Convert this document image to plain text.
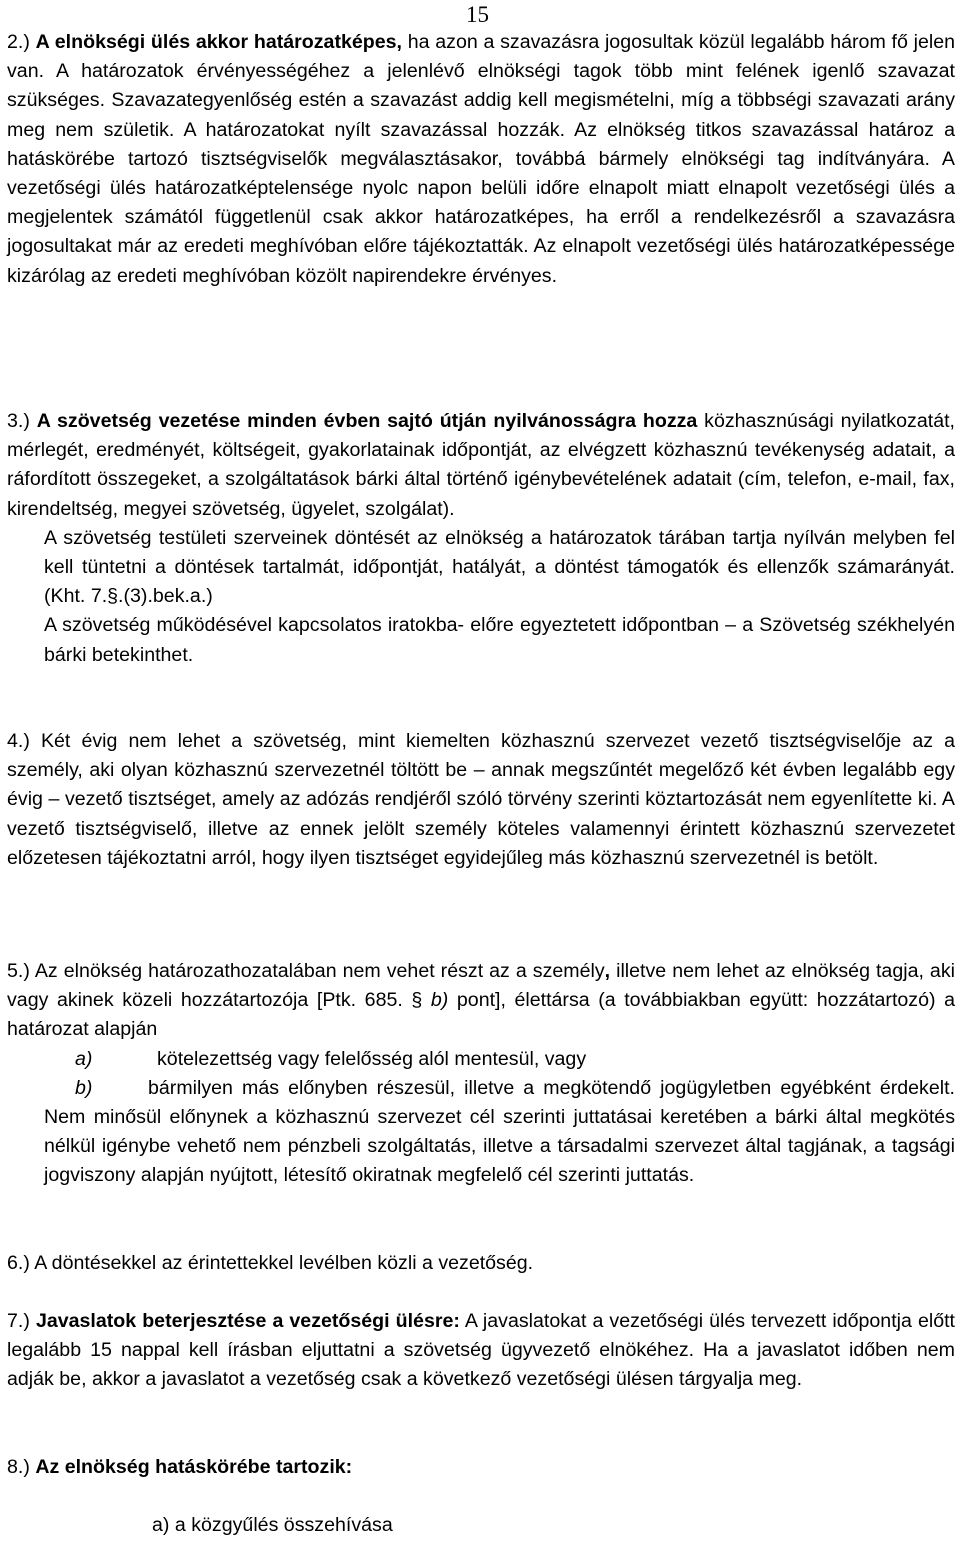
15

2.) A elnökségi ülés akkor határozatképes, ha azon a szavazásra jogosultak közül legalább három fő jelen van. A határozatok érvényességéhez a jelenlévő elnökségi tagok több mint felének igenlő szavazat szükséges. Szavazategyenlőség estén a szavazást addig kell megismételni, míg a többségi szavazati arány meg nem születik. A határozatokat nyílt szavazással hozzák. Az elnökség titkos szavazással határoz a hatáskörébe tartozó tisztségviselők megválasztásakor, továbbá bármely elnökségi tag indítványára. A vezetőségi ülés határozatképtelensége nyolc napon belüli időre elnapolt miatt elnapolt vezetőségi ülés a megjelentek számától függetlenül csak akkor határozatképes, ha erről a rendelkezésről a szavazásra jogosultakat már az eredeti meghívóban előre tájékoztatták. Az elnapolt vezetőségi ülés határozatképessége kizárólag az eredeti meghívóban közölt napirendekre érvényes.

3.) A szövetség vezetése minden évben sajtó útján nyilvánosságra hozza közhasznúsági nyilatkozatát, mérlegét, eredményét, költségeit, gyakorlatainak időpontját, az elvégzett közhasznú tevékenység adatait, a ráfordított összegeket, a szolgáltatások bárki által történő igénybevételének adatait (cím, telefon, e-mail, fax, kirendeltség, megyei szövetség, ügyelet, szolgálat).

A szövetség testületi szerveinek döntését az elnökség a határozatok tárában tartja nyílván melyben fel kell tüntetni a döntések tartalmát, időpontját, hatályát, a döntést támogatók és ellenzők számarányát. (Kht. 7.§.(3).bek.a.)

A szövetség működésével kapcsolatos iratokba- előre egyeztetett időpontban – a Szövetség székhelyén bárki betekinthet.

4.) Két évig nem lehet a szövetség, mint kiemelten közhasznú szervezet vezető tisztségviselője az a személy, aki olyan közhasznú szervezetnél töltött be – annak megszűntét megelőző két évben legalább egy évig – vezető tisztséget, amely az adózás rendjéről szóló törvény szerinti köztartozását nem egyenlítette ki. A vezető tisztségviselő, illetve az ennek jelölt személy köteles valamennyi érintett közhasznú szervezetet előzetesen tájékoztatni arról, hogy ilyen tisztséget egyidejűleg más közhasznú szervezetnél is betölt.

5.) Az elnökség határozathozatalában nem vehet részt az a személy, illetve nem lehet az elnökség tagja, aki vagy akinek közeli hozzátartozója [Ptk. 685. § b) pont], élettársa (a továbbiakban együtt: hozzátartozó) a határozat alapján

a)	kötelezettség vagy felelősség alól mentesül, vagy

b)	bármilyen más előnyben részesül, illetve a megkötendő jogügyletben egyébként érdekelt. Nem minősül előnynek a közhasznú szervezet cél szerinti juttatásai keretében a bárki által megkötés nélkül igénybe vehető nem pénzbeli szolgáltatás, illetve a társadalmi szervezet által tagjának, a tagsági jogviszony alapján nyújtott, létesítő okiratnak megfelelő cél szerinti juttatás.

6.) A döntésekkel az érintettekkel levélben közli a vezetőség.

7.) Javaslatok beterjesztése a vezetőségi ülésre: A javaslatokat a vezetőségi ülés tervezett időpontja előtt legalább 15 nappal kell írásban eljuttatni a szövetség ügyvezető elnökéhez. Ha a javaslatot időben nem adják be, akkor a javaslatot a vezetőség csak a következő vezetőségi ülésen tárgyalja meg.

8.) Az elnökség hatáskörébe tartozik:

a) a közgyűlés összehívása
